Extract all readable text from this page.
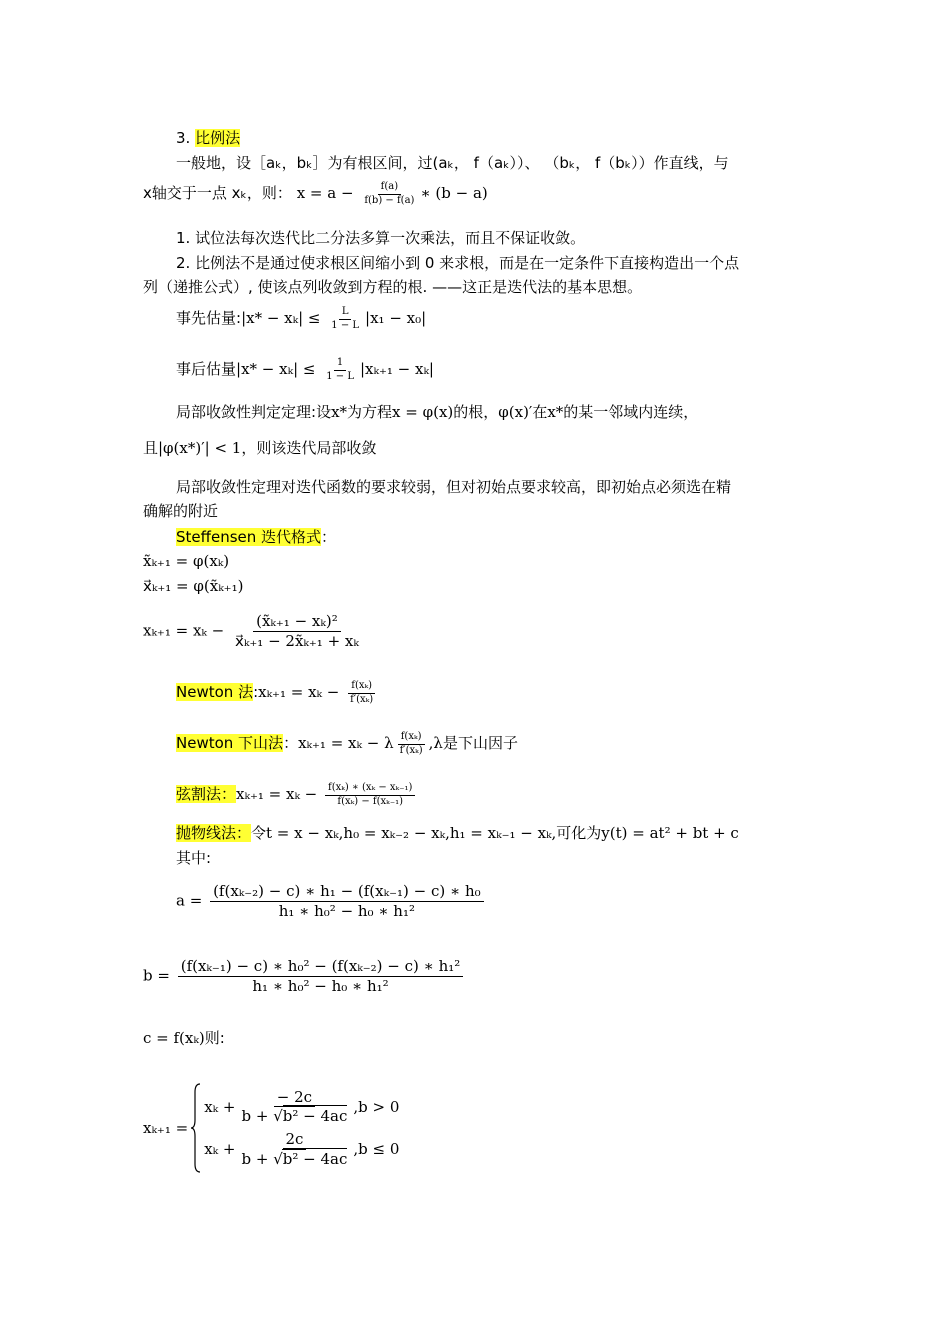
3. 比例法
一般地，设［aₖ，bₖ］为有根区间，过(aₖ， f（aₖ））、 （bₖ， f（bₖ））作直线，与
x轴交于一点 xₖ，则： $x = a - \frac{f(a)}{f(b) - f(a)}$ ∗ (b − a)
1. 试位法每次迭代比二分法多算一次乘法，而且不保证收敛。
2. 比例法不是通过使求根区间缩小到 0 来求根，而是在一定条件下直接构造出一个点
列（递推公式）, 使该点列收敛到方程的根. ——这正是迭代法的基本思想。
事先估量:|x* − $x_k| \le \frac{L}{1 - L} |x_1 - x_0|$
事后估量$|x* - x_k| \le \frac{1}{1 - L} |x_{k+1} - x_k|$
局部收敛性判定定理:设x*为方程x = φ(x)的根，φ(x)′在x*的某一邻域内连续，
且|φ(x*)′| < 1，则该迭代局部收敛
局部收敛性定理对迭代函数的要求较弱，但对初始点要求较高，即初始点必须选在精
确解的附近
Steffensen 迭代格式：
x̃ₖ₊₁ = φ(xₖ)
x⃗ₖ₊₁ = φ(x̃ₖ₊₁)
$x_{k+1} = x_k - \frac{\text{(x̃ₖ₊₁ − xₖ)²}}{\text{x⃗ₖ₊₁ − 2x̃ₖ₊₁ + xₖ}}$
Newton 法:xₖ₊₁ = $x_k - \frac{\text{f(xₖ)}}{\text{f′(xₖ)}}$
Newton 下山法：xₖ₊₁ = xₖ − λ $\frac{\text{f(xₖ)}}{\text{f′(xₖ)}} ,\lambda$是下山因子
弦割法：$x_{k+1} = x_k - \frac{\text{f(xₖ) ∗ (xₖ − xₖ₋₁)}}{\text{f(xₖ) − f(xₖ₋₁)}}$
抛物线法：令t = x − xₖ,h₀ = xₖ₋₂ − xₖ,h₁ = xₖ₋₁ − xₖ,可化为y(t) = at² + bt + c
其中:
$a = \frac{\text{(f(xₖ₋₂) − c) ∗ h₁ − (f(xₖ₋₁) − c) ∗ h₀}}{\text{h₁ ∗ h₀² − h₀ ∗ h₁²}}$
$b = \frac{\text{(f(xₖ₋₁) − c) ∗ h₀² − (f(xₖ₋₂) − c) ∗ h₁²}}{\text{h₁ ∗ h₀² − h₀ ∗ h₁²}}$
c = f(xₖ)则:
xₖ₊₁ =
$x_k + \frac{- 2c}{\text{b + √b² − 4ac}} ,b > 0$
$x_k + \frac{2c}{\text{b + √b² − 4ac}} ,b \le 0$
